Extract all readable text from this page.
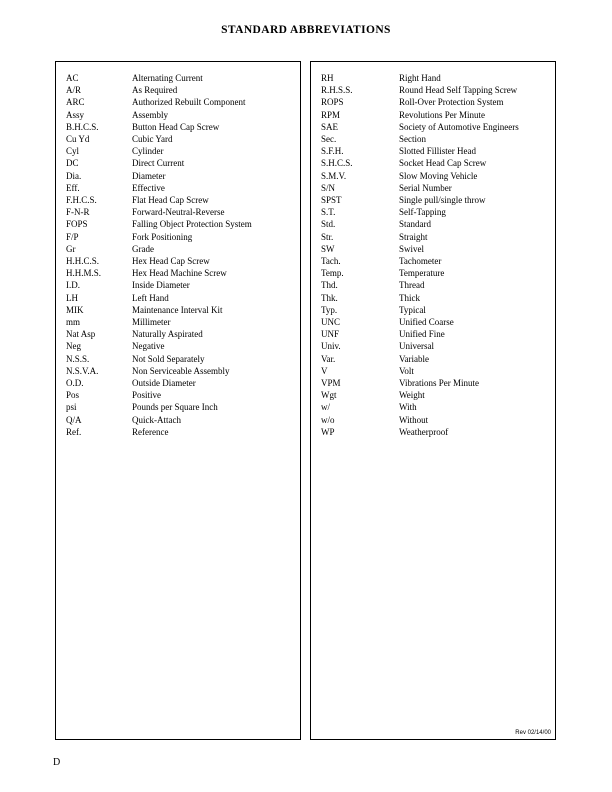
STANDARD ABBREVIATIONS
AC	Alternating Current
A/R	As Required
ARC	Authorized Rebuilt Component
Assy	Assembly
B.H.C.S.	Button Head Cap Screw
Cu Yd	Cubic Yard
Cyl	Cylinder
DC	Direct Current
Dia.	Diameter
Eff.	Effective
F.H.C.S.	Flat Head Cap Screw
F-N-R	Forward-Neutral-Reverse
FOPS	Falling Object Protection System
F/P	Fork Positioning
Gr	Grade
H.H.C.S.	Hex Head Cap Screw
H.H.M.S.	Hex Head Machine Screw
I.D.	Inside Diameter
LH	Left Hand
MIK	Maintenance Interval Kit
mm	Millimeter
Nat Asp	Naturally Aspirated
Neg	Negative
N.S.S.	Not Sold Separately
N.S.V.A.	Non Serviceable Assembly
O.D.	Outside Diameter
Pos	Positive
psi	Pounds per Square Inch
Q/A	Quick-Attach
Ref.	Reference
RH	Right Hand
R.H.S.S.	Round Head Self Tapping Screw
ROPS	Roll-Over Protection System
RPM	Revolutions Per Minute
SAE	Society of Automotive Engineers
Sec.	Section
S.F.H.	Slotted Fillister Head
S.H.C.S.	Socket Head Cap Screw
S.M.V.	Slow Moving Vehicle
S/N	Serial Number
SPST	Single pull/single throw
S.T.	Self-Tapping
Std.	Standard
Str.	Straight
SW	Swivel
Tach.	Tachometer
Temp.	Temperature
Thd.	Thread
Thk.	Thick
Typ.	Typical
UNC	Unified Coarse
UNF	Unified Fine
Univ.	Universal
Var.	Variable
V	Volt
VPM	Vibrations Per Minute
Wgt	Weight
w/	With
w/o	Without
WP	Weatherproof
Rev 02/14/00
D
